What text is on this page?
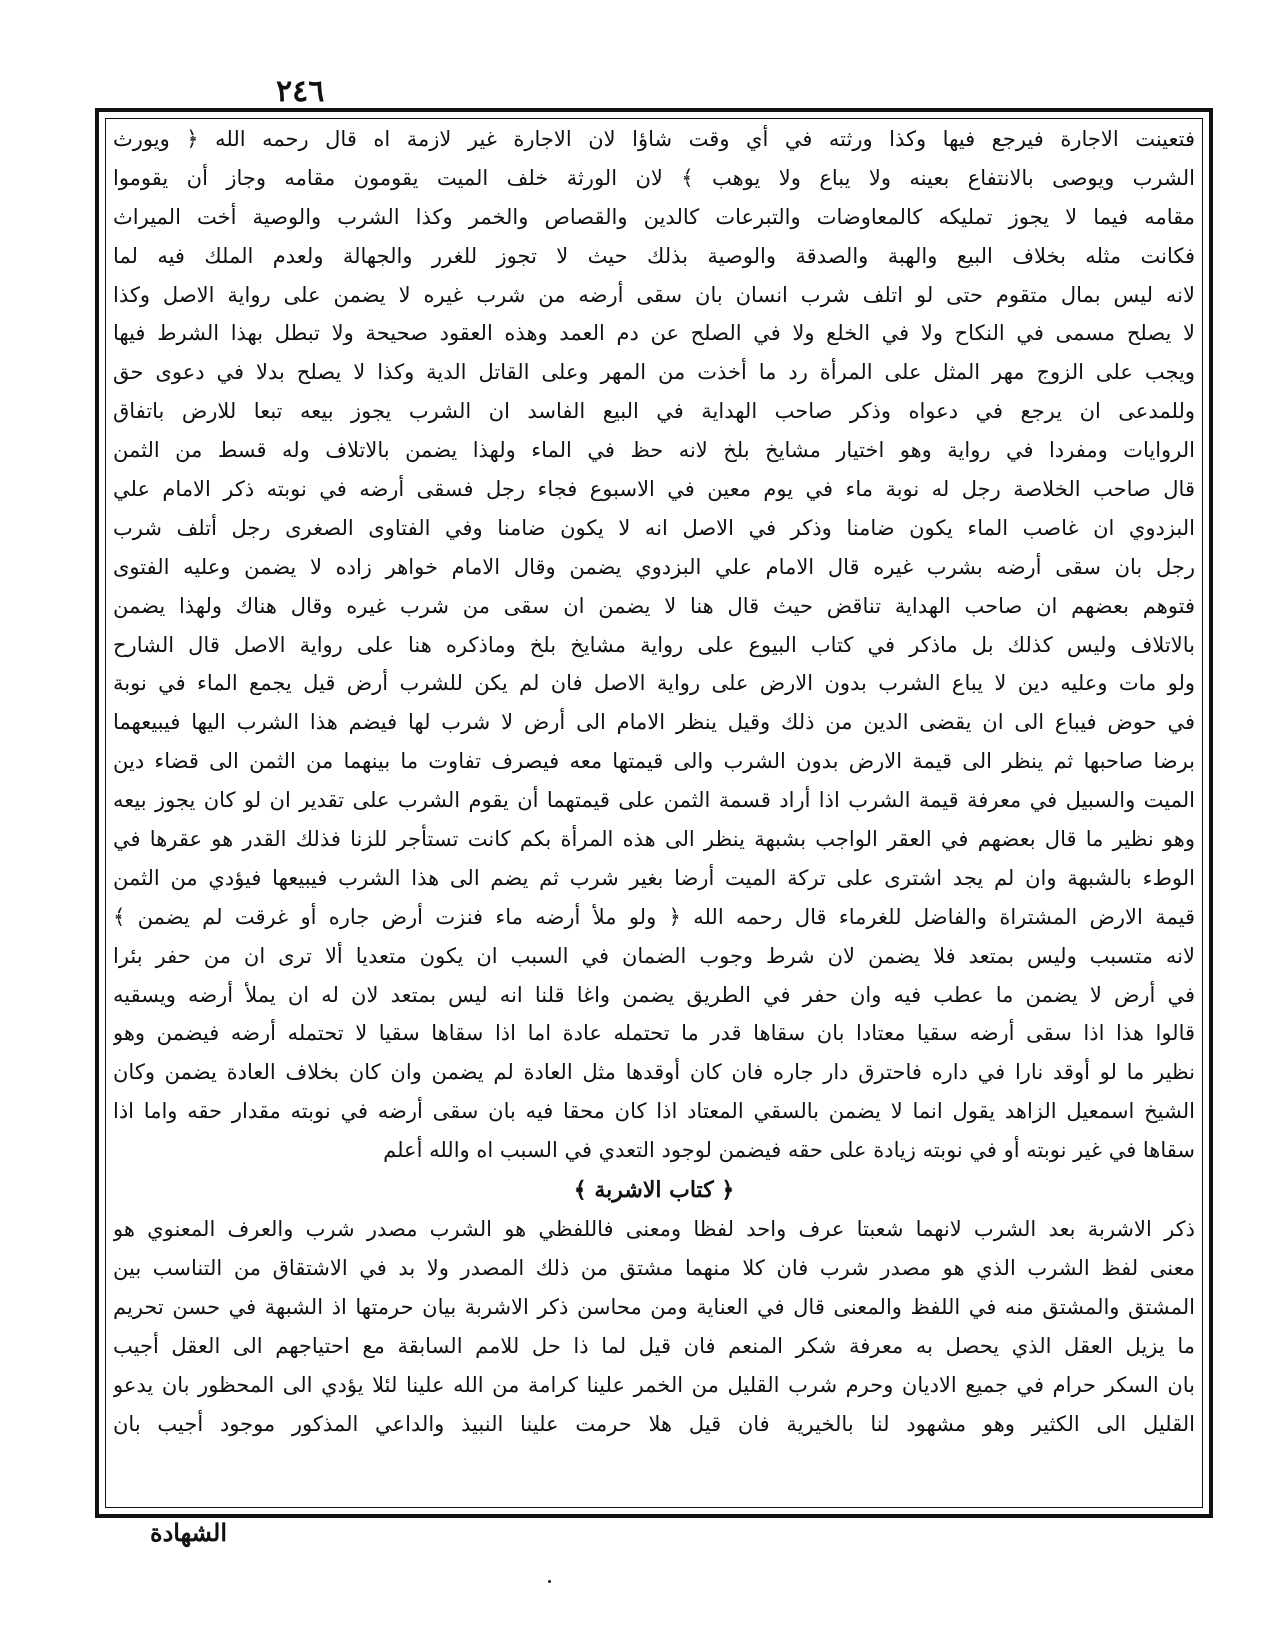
٢٤٦
فتعينت الاجارة فيرجع فيها وكذا ورثته في أي وقت شاؤا لان الاجارة غير لازمة اه قال رحمه الله ﴿ ويورث
الشرب ويوصى بالانتفاع بعينه ولا يباع ولا يوهب ﴾ لان الورثة خلف الميت يقومون مقامه وجاز أن يقوموا
مقامه فيما لا يجوز تمليكه كالمعاوضات والتبرعات كالدين والقصاص والخمر وكذا الشرب والوصية أخت الميراث
فكانت مثله بخلاف البيع والهبة والصدقة والوصية بذلك حيث لا تجوز للغرر والجهالة ولعدم الملك فيه لما
لانه ليس بمال متقوم حتى لو اتلف شرب انسان بان سقى أرضه من شرب غيره لا يضمن على رواية الاصل وكذا
لا يصلح مسمى في النكاح ولا في الخلع ولا في الصلح عن دم العمد وهذه العقود صحيحة ولا تبطل بهذا الشرط فيها
ويجب على الزوج مهر المثل على المرأة رد ما أخذت من المهر وعلى القاتل الدية وكذا لا يصلح بدلا في دعوى حق
وللمدعى ان يرجع في دعواه وذكر صاحب الهداية في البيع الفاسد ان الشرب يجوز بيعه تبعا للارض باتفاق
الروايات ومفردا في رواية وهو اختيار مشايخ بلخ لانه حظ في الماء ولهذا يضمن بالاتلاف وله قسط من الثمن
قال صاحب الخلاصة رجل له نوبة ماء في يوم معين في الاسبوع فجاء رجل فسقى أرضه في نوبته ذكر الامام علي
البزدوي ان غاصب الماء يكون ضامنا وذكر في الاصل انه لا يكون ضامنا وفي الفتاوى الصغرى رجل أتلف شرب
رجل بان سقى أرضه بشرب غيره قال الامام علي البزدوي يضمن وقال الامام خواهر زاده لا يضمن وعليه الفتوى
فتوهم بعضهم ان صاحب الهداية تناقض حيث قال هنا لا يضمن ان سقى من شرب غيره وقال هناك ولهذا يضمن
بالاتلاف وليس كذلك بل ماذكر في كتاب البيوع على رواية مشايخ بلخ وماذكره هنا على رواية الاصل قال الشارح
ولو مات وعليه دين لا يباع الشرب بدون الارض على رواية الاصل فان لم يكن للشرب أرض قيل يجمع الماء في نوبة
في حوض فيباع الى ان يقضى الدين من ذلك وقيل ينظر الامام الى أرض لا شرب لها فيضم هذا الشرب اليها فيبيعهما
برضا صاحبها ثم ينظر الى قيمة الارض بدون الشرب والى قيمتها معه فيصرف تفاوت ما بينهما من الثمن الى قضاء دين
الميت والسبيل في معرفة قيمة الشرب اذا أراد قسمة الثمن على قيمتهما أن يقوم الشرب على تقدير ان لو كان يجوز بيعه
وهو نظير ما قال بعضهم في العقر الواجب بشبهة ينظر الى هذه المرأة بكم كانت تستأجر للزنا فذلك القدر هو عقرها في
الوطء بالشبهة وان لم يجد اشترى على تركة الميت أرضا بغير شرب ثم يضم الى هذا الشرب فيبيعها فيؤدي من الثمن
قيمة الارض المشتراة والفاضل للغرماء قال رحمه الله ﴿ ولو ملأ أرضه ماء فنزت أرض جاره أو غرقت لم يضمن ﴾
لانه متسبب وليس بمتعد فلا يضمن لان شرط وجوب الضمان في السبب ان يكون متعديا ألا ترى ان من حفر بئرا
في أرض لا يضمن ما عطب فيه وان حفر في الطريق يضمن واغا قلنا انه ليس بمتعد لان له ان يملأ أرضه ويسقيه
قالوا هذا اذا سقى أرضه سقيا معتادا بان سقاها قدر ما تحتمله عادة اما اذا سقاها سقيا لا تحتمله أرضه فيضمن وهو
نظير ما لو أوقد نارا في داره فاحترق دار جاره فان كان أوقدها مثل العادة لم يضمن وان كان بخلاف العادة يضمن وكان
الشيخ اسمعيل الزاهد يقول انما لا يضمن بالسقي المعتاد اذا كان محقا فيه بان سقى أرضه في نوبته مقدار حقه واما اذا
سقاها في غير نوبته أو في نوبته زيادة على حقه فيضمن لوجود التعدي في السبب اه والله أعلم
﴿ كتاب الاشربة ﴾
ذكر الاشربة بعد الشرب لانهما شعبتا عرف واحد لفظا ومعنى فاللفظي هو الشرب مصدر شرب والعرف المعنوي هو
معنى لفظ الشرب الذي هو مصدر شرب فان كلا منهما مشتق من ذلك المصدر ولا بد في الاشتقاق من التناسب بين
المشتق والمشتق منه في اللفظ والمعنى قال في العناية ومن محاسن ذكر الاشربة بيان حرمتها اذ الشبهة في حسن تحريم
ما يزيل العقل الذي يحصل به معرفة شكر المنعم فان قيل لما ذا حل للامم السابقة مع احتياجهم الى العقل أجيب
بان السكر حرام في جميع الاديان وحرم شرب القليل من الخمر علينا كرامة من الله علينا لئلا يؤدي الى المحظور بان يدعو
القليل الى الكثير وهو مشهود لنا بالخيرية فان قيل هلا حرمت علينا النبيذ والداعي المذكور موجود أجيب بان
الشهادة
